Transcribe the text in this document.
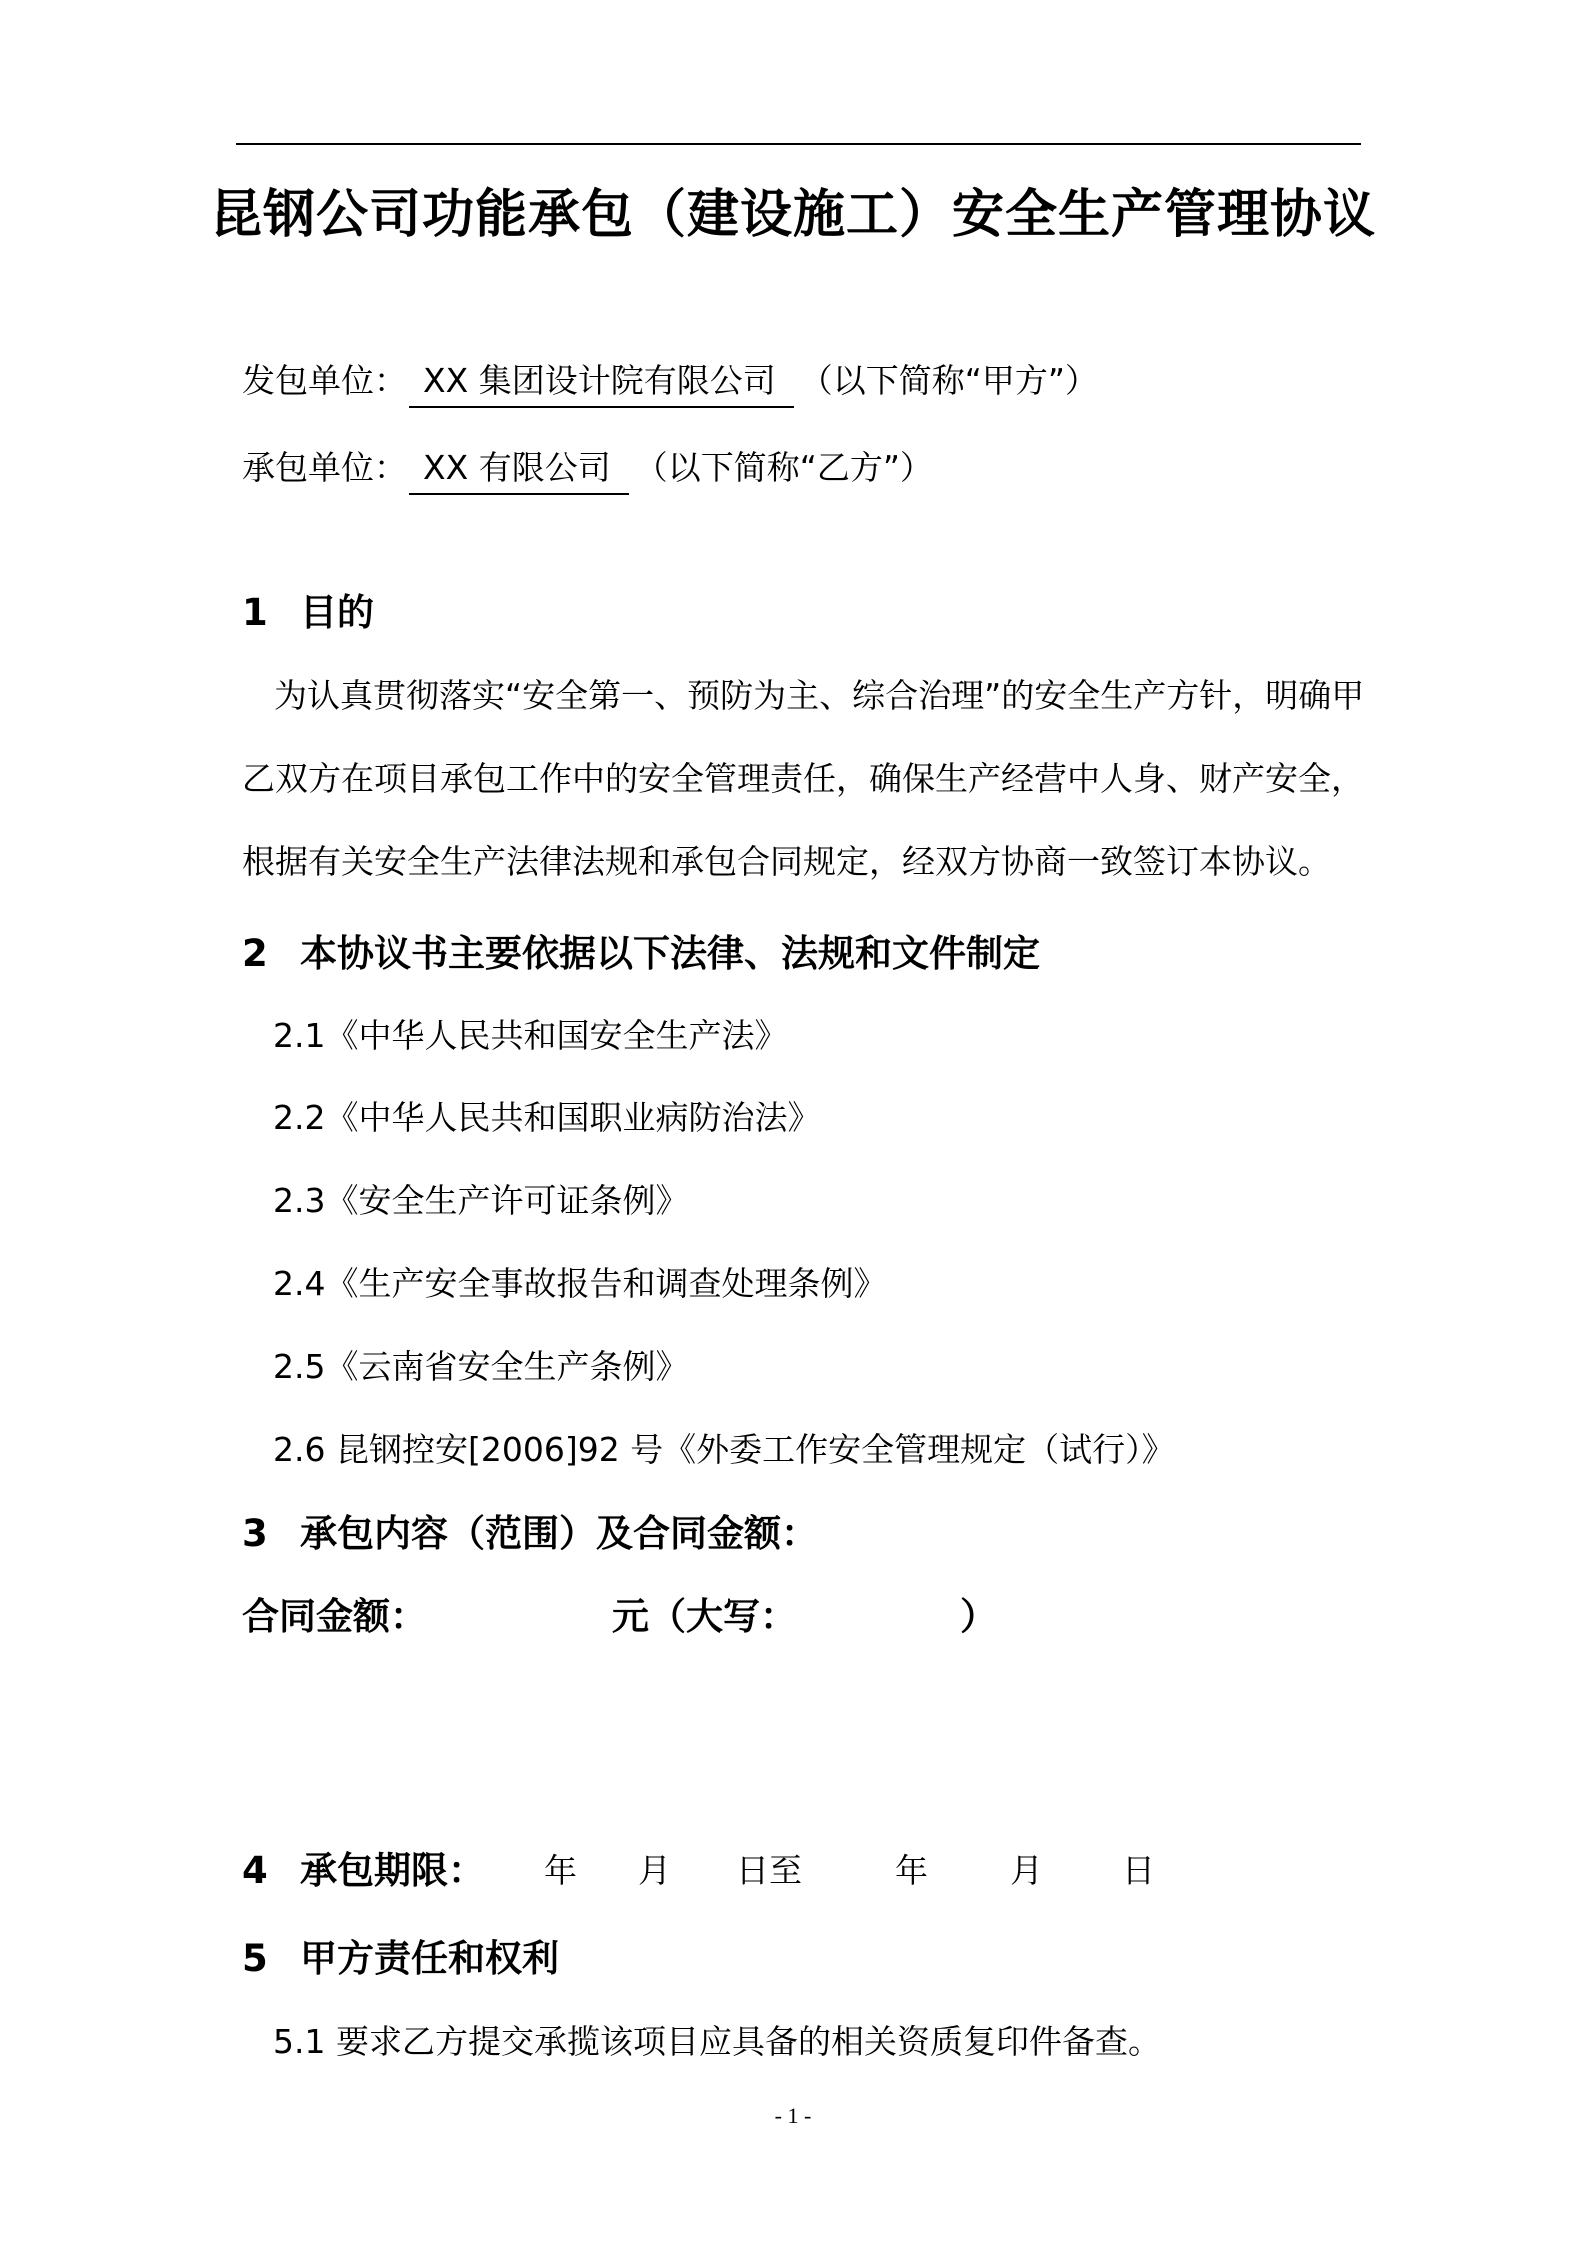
昆钢公司功能承包（建设施工）安全生产管理协议
发包单位： XX 集团设计院有限公司 （以下简称“甲方”）
承包单位： XX 有限公司 （以下简称“乙方”）
1 目的
为认真贯彻落实“安全第一、预防为主、综合治理”的安全生产方针，明确甲
乙双方在项目承包工作中的安全管理责任，确保生产经营中人身、财产安全，
根据有关安全生产法律法规和承包合同规定，经双方协商一致签订本协议。
2 本协议书主要依据以下法律、法规和文件制定
2.1《中华人民共和国安全生产法》
2.2《中华人民共和国职业病防治法》
2.3《安全生产许可证条例》
2.4《生产安全事故报告和调查处理条例》
2.5《云南省安全生产条例》
2.6 昆钢控安[2006]92 号《外委工作安全管理规定（试行）》
3 承包内容（范围）及合同金额：
合同金额：	元（大写：	）
4 承包期限： 年 月 日至	年 月 日
5 甲方责任和权利
5.1 要求乙方提交承揽该项目应具备的相关资质复印件备查。
- 1 -
